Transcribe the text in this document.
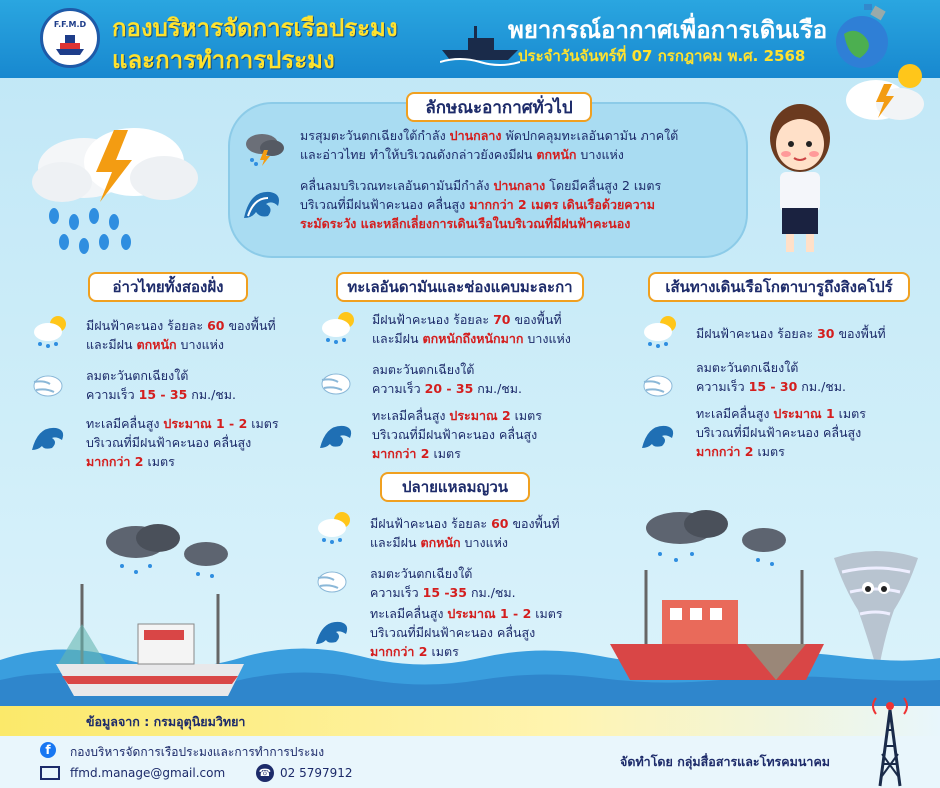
F.F.M.D กองบริหารจัดการเรือประมง
และการทำการประมง
พยากรณ์อากาศเพื่อการเดินเรือ
ประจำวันจันทร์ที่ 07 กรกฎาคม พ.ศ. 2568
ลักษณะอากาศทั่วไป
มรสุมตะวันตกเฉียงใต้กำลัง ปานกลาง พัดปกคลุมทะเลอันดามัน ภาคใต้
และอ่าวไทย ทำให้บริเวณดังกล่าวยังคงมีฝน ตกหนัก บางแห่ง
คลื่นลมบริเวณทะเลอันดามันมีกำลัง ปานกลาง โดยมีคลื่นสูง 2 เมตร
บริเวณที่มีฝนฟ้าคะนอง คลื่นสูง มากกว่า 2 เมตร เดินเรือด้วยความ
ระมัดระวัง และหลีกเลี่ยงการเดินเรือในบริเวณที่มีฝนฟ้าคะนอง
อ่าวไทยทั้งสองฝั่ง
มีฝนฟ้าคะนอง ร้อยละ 60 ของพื้นที่
และมีฝน ตกหนัก บางแห่ง
ลมตะวันตกเฉียงใต้
ความเร็ว 15 - 35 กม./ชม.
ทะเลมีคลื่นสูง ประมาณ 1 - 2 เมตร
บริเวณที่มีฝนฟ้าคะนอง คลื่นสูง
มากกว่า 2 เมตร
ทะเลอันดามันและช่องแคบมะละกา
มีฝนฟ้าคะนอง ร้อยละ 70 ของพื้นที่
และมีฝน ตกหนักถึงหนักมาก บางแห่ง
ลมตะวันตกเฉียงใต้
ความเร็ว 20 - 35 กม./ชม.
ทะเลมีคลื่นสูง ประมาณ 2 เมตร
บริเวณที่มีฝนฟ้าคะนอง คลื่นสูง
มากกว่า 2 เมตร
เส้นทางเดินเรือโกตาบารูถึงสิงคโปร์
มีฝนฟ้าคะนอง ร้อยละ 30 ของพื้นที่
ลมตะวันตกเฉียงใต้
ความเร็ว 15 - 30 กม./ชม.
ทะเลมีคลื่นสูง ประมาณ 1 เมตร
บริเวณที่มีฝนฟ้าคะนอง คลื่นสูง
มากกว่า 2 เมตร
ปลายแหลมญวน
มีฝนฟ้าคะนอง ร้อยละ 60 ของพื้นที่
และมีฝน ตกหนัก บางแห่ง
ลมตะวันตกเฉียงใต้
ความเร็ว 15 -35 กม./ชม.
ทะเลมีคลื่นสูง ประมาณ 1 - 2 เมตร
บริเวณที่มีฝนฟ้าคะนอง คลื่นสูง
มากกว่า 2 เมตร
ข้อมูลจาก : กรมอุตุนิยมวิทยา
f	กองบริหารจัดการเรือประมงและการทำการประมง
ffmd.manage@gmail.com	☎ 02 5797912
จัดทำโดย กลุ่มสื่อสารและโทรคมนาคม
